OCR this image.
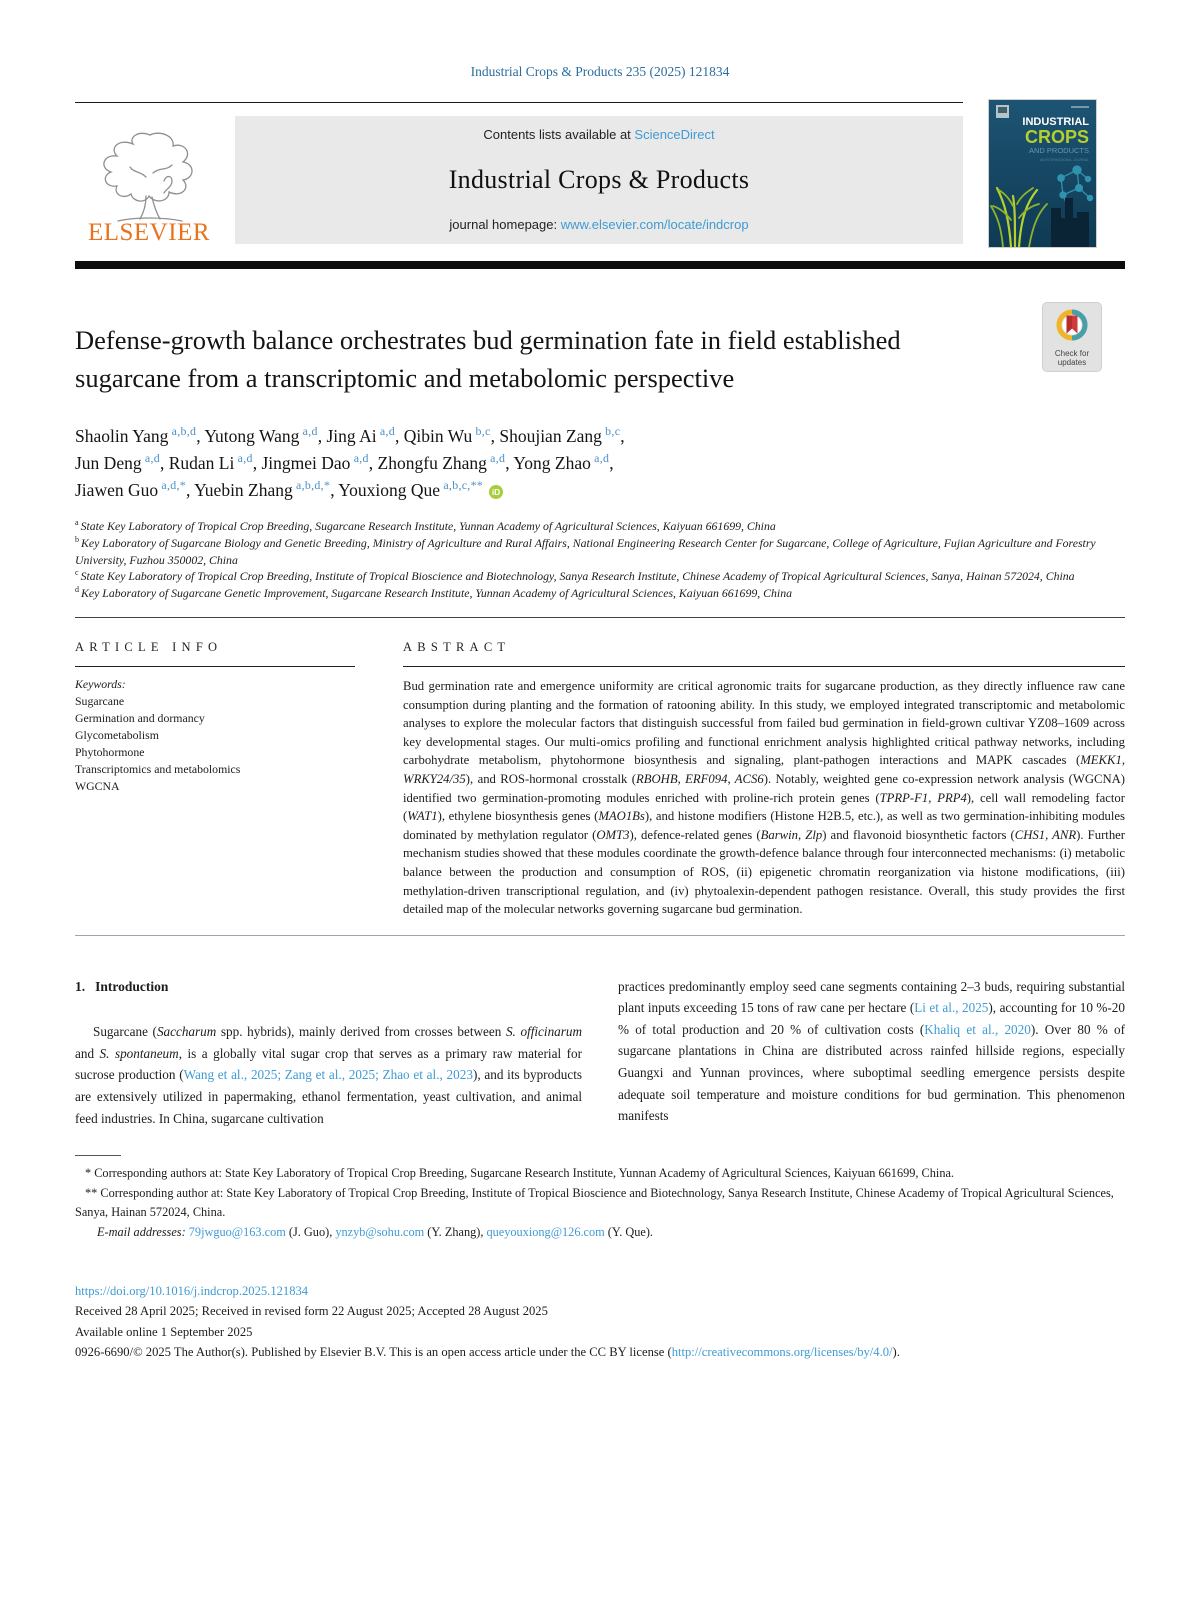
Industrial Crops & Products 235 (2025) 121834
ELSEVIER
Contents lists available at ScienceDirect
Industrial Crops & Products
journal homepage: www.elsevier.com/locate/indcrop
INDUSTRIAL
CROPS
AND PRODUCTS
AN INTERNATIONAL JOURNAL
Defense-growth balance orchestrates bud germination fate in field established sugarcane from a transcriptomic and metabolomic perspective
Check for updates
Shaolin Yang $^{a,b,d}$, Yutong Wang $^{a,d}$, Jing Ai $^{a,d}$, Qibin Wu $^{b,c}$, Shoujian Zang $^{b,c}$,
Jun Deng $^{a,d}$, Rudan Li $^{a,d}$, Jingmei Dao $^{a,d}$, Zhongfu Zhang $^{a,d}$, Yong Zhao $^{a,d}$,
Jiawen Guo $^{a,d,*}$, Yuebin Zhang $^{a,b,d,*}$, Youxiong Que $^{a,b,c,**}$ iD
$^a$ State Key Laboratory of Tropical Crop Breeding, Sugarcane Research Institute, Yunnan Academy of Agricultural Sciences, Kaiyuan 661699, China
$^b$ Key Laboratory of Sugarcane Biology and Genetic Breeding, Ministry of Agriculture and Rural Affairs, National Engineering Research Center for Sugarcane, College of Agriculture, Fujian Agriculture and Forestry University, Fuzhou 350002, China
$^c$ State Key Laboratory of Tropical Crop Breeding, Institute of Tropical Bioscience and Biotechnology, Sanya Research Institute, Chinese Academy of Tropical Agricultural Sciences, Sanya, Hainan 572024, China
$^d$ Key Laboratory of Sugarcane Genetic Improvement, Sugarcane Research Institute, Yunnan Academy of Agricultural Sciences, Kaiyuan 661699, China
ARTICLE INFO
Keywords:
Sugarcane
Germination and dormancy
Glycometabolism
Phytohormone
Transcriptomics and metabolomics
WGCNA
ABSTRACT
Bud germination rate and emergence uniformity are critical agronomic traits for sugarcane production, as they directly influence raw cane consumption during planting and the formation of ratooning ability. In this study, we employed integrated transcriptomic and metabolomic analyses to explore the molecular factors that distinguish successful from failed bud germination in field-grown cultivar YZ08–1609 across key developmental stages. Our multi-omics profiling and functional enrichment analysis highlighted critical pathway networks, including carbohydrate metabolism, phytohormone biosynthesis and signaling, plant-pathogen interactions and MAPK cascades (MEKK1, WRKY24/35), and ROS-hormonal crosstalk (RBOHB, ERF094, ACS6). Notably, weighted gene co-expression network analysis (WGCNA) identified two germination-promoting modules enriched with proline-rich protein genes (TPRP-F1, PRP4), cell wall remodeling factor (WAT1), ethylene biosynthesis genes (MAO1Bs), and histone modifiers (Histone H2B.5, etc.), as well as two germination-inhibiting modules dominated by methylation regulator (OMT3), defence-related genes (Barwin, Zlp) and flavonoid biosynthetic factors (CHS1, ANR). Further mechanism studies showed that these modules coordinate the growth-defence balance through four interconnected mechanisms: (i) metabolic balance between the production and consumption of ROS, (ii) epigenetic chromatin reorganization via histone modifications, (iii) methylation-driven transcriptional regulation, and (iv) phytoalexin-dependent pathogen resistance. Overall, this study provides the first detailed map of the molecular networks governing sugarcane bud germination.
1. Introduction
Sugarcane (Saccharum spp. hybrids), mainly derived from crosses between S. officinarum and S. spontaneum, is a globally vital sugar crop that serves as a primary raw material for sucrose production (Wang et al., 2025; Zang et al., 2025; Zhao et al., 2023), and its byproducts are extensively utilized in papermaking, ethanol fermentation, yeast cultivation, and animal feed industries. In China, sugarcane cultivation
practices predominantly employ seed cane segments containing 2–3 buds, requiring substantial plant inputs exceeding 15 tons of raw cane per hectare (Li et al., 2025), accounting for 10 %-20 % of total production and 20 % of cultivation costs (Khaliq et al., 2020). Over 80 % of sugarcane plantations in China are distributed across rainfed hillside regions, especially Guangxi and Yunnan provinces, where suboptimal seedling emergence persists despite adequate soil temperature and moisture conditions for bud germination. This phenomenon manifests
* Corresponding authors at: State Key Laboratory of Tropical Crop Breeding, Sugarcane Research Institute, Yunnan Academy of Agricultural Sciences, Kaiyuan 661699, China.
** Corresponding author at: State Key Laboratory of Tropical Crop Breeding, Institute of Tropical Bioscience and Biotechnology, Sanya Research Institute, Chinese Academy of Tropical Agricultural Sciences, Sanya, Hainan 572024, China.
E-mail addresses: 79jwguo@163.com (J. Guo), ynzyb@sohu.com (Y. Zhang), queyouxiong@126.com (Y. Que).
https://doi.org/10.1016/j.indcrop.2025.121834
Received 28 April 2025; Received in revised form 22 August 2025; Accepted 28 August 2025
Available online 1 September 2025
0926-6690/© 2025 The Author(s). Published by Elsevier B.V. This is an open access article under the CC BY license (http://creativecommons.org/licenses/by/4.0/).
